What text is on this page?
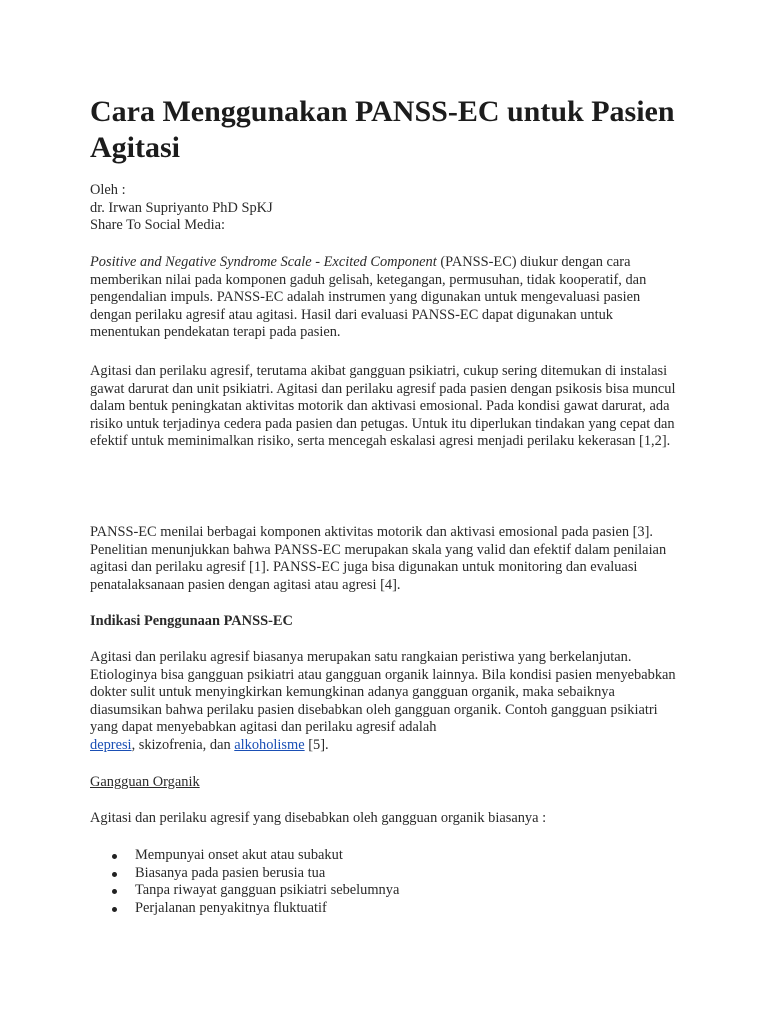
Cara Menggunakan PANSS-EC untuk Pasien Agitasi
Oleh :
dr. Irwan Supriyanto PhD SpKJ
Share To Social Media:

Positive and Negative Syndrome Scale - Excited Component (PANSS-EC) diukur dengan cara memberikan nilai pada komponen gaduh gelisah, ketegangan, permusuhan, tidak kooperatif, dan pengendalian impuls. PANSS-EC adalah instrumen yang digunakan untuk mengevaluasi pasien dengan perilaku agresif atau agitasi. Hasil dari evaluasi PANSS-EC dapat digunakan untuk menentukan pendekatan terapi pada pasien.

Agitasi dan perilaku agresif, terutama akibat gangguan psikiatri, cukup sering ditemukan di instalasi gawat darurat dan unit psikiatri. Agitasi dan perilaku agresif pada pasien dengan psikosis bisa muncul dalam bentuk peningkatan aktivitas motorik dan aktivasi emosional. Pada kondisi gawat darurat, ada risiko untuk terjadinya cedera pada pasien dan petugas. Untuk itu diperlukan tindakan yang cepat dan efektif untuk meminimalkan risiko, serta mencegah eskalasi agresi menjadi perilaku kekerasan [1,2].

PANSS-EC menilai berbagai komponen aktivitas motorik dan aktivasi emosional pada pasien [3]. Penelitian menunjukkan bahwa PANSS-EC merupakan skala yang valid dan efektif dalam penilaian agitasi dan perilaku agresif [1]. PANSS-EC juga bisa digunakan untuk monitoring dan evaluasi penatalaksanaan pasien dengan agitasi atau agresi [4].

Indikasi Penggunaan PANSS-EC

Agitasi dan perilaku agresif biasanya merupakan satu rangkaian peristiwa yang berkelanjutan. Etiologinya bisa gangguan psikiatri atau gangguan organik lainnya. Bila kondisi pasien menyebabkan dokter sulit untuk menyingkirkan kemungkinan adanya gangguan organik, maka sebaiknya diasumsikan bahwa perilaku pasien disebabkan oleh gangguan organik. Contoh gangguan psikiatri yang dapat menyebabkan agitasi dan perilaku agresif adalah
depresi, skizofrenia, dan alkoholisme [5].

Gangguan Organik

Agitasi dan perilaku agresif yang disebabkan oleh gangguan organik biasanya :

Mempunyai onset akut atau subakut
Biasanya pada pasien berusia tua
Tanpa riwayat gangguan psikiatri sebelumnya
Perjalanan penyakitnya fluktuatif
